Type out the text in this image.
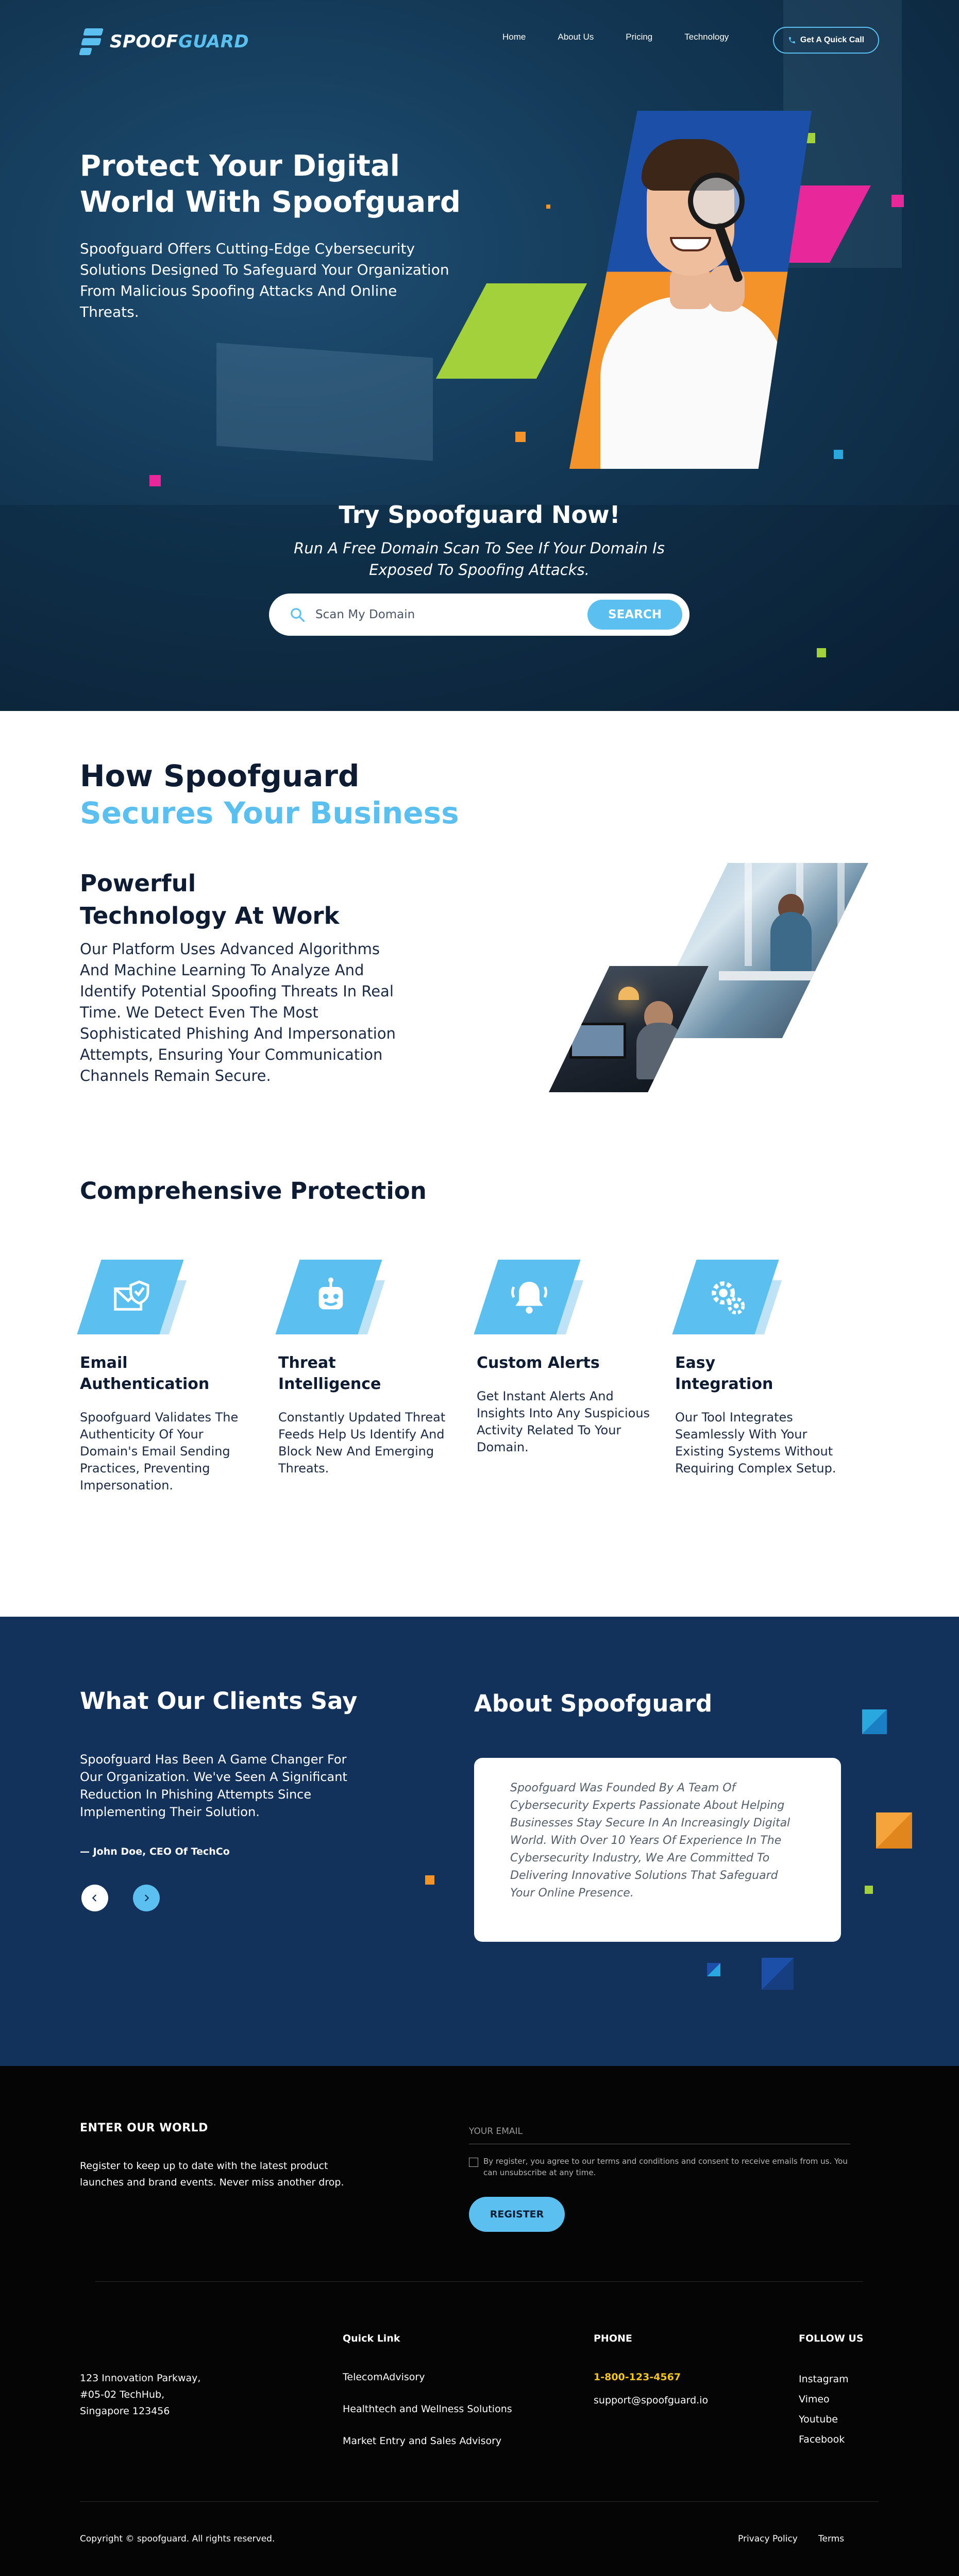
SPOOFGUARD	Home	About Us	Pricing	Technology	Get A Quick Call
Protect Your Digital World With Spoofguard

Spoofguard Offers Cutting-Edge Cybersecurity Solutions Designed To Safeguard Your Organization From Malicious Spoofing Attacks And Online Threats.

Try Spoofguard Now!
Run A Free Domain Scan To See If Your Domain Is Exposed To Spoofing Attacks.
Scan My Domain
SEARCH
How Spoofguard
Secures Your Business
Powerful Technology At Work

Our Platform Uses Advanced Algorithms And Machine Learning To Analyze And Identify Potential Spoofing Threats In Real Time. We Detect Even The Most Sophisticated Phishing And Impersonation Attempts, Ensuring Your Communication Channels Remain Secure.

Comprehensive Protection
Email Authentication
Spoofguard Validates The Authenticity Of Your Domain's Email Sending Practices, Preventing Impersonation.
Threat Intelligence
Constantly Updated Threat Feeds Help Us Identify And Block New And Emerging Threats.
Custom Alerts
Get Instant Alerts And Insights Into Any Suspicious Activity Related To Your Domain.
Easy Integration
Our Tool Integrates Seamlessly With Your Existing Systems Without Requiring Complex Setup.
What Our Clients Say

Spoofguard Has Been A Game Changer For Our Organization. We've Seen A Significant Reduction In Phishing Attempts Since Implementing Their Solution.

— John Doe, CEO Of TechCo
About Spoofguard

Spoofguard Was Founded By A Team Of Cybersecurity Experts Passionate About Helping Businesses Stay Secure In An Increasingly Digital World. With Over 10 Years Of Experience In The Cybersecurity Industry, We Are Committed To Delivering Innovative Solutions That Safeguard Your Online Presence.

ENTER OUR WORLD

Register to keep up to date with the latest product launches and brand events. Never miss another drop.

YOUR EMAIL
By register, you agree to our terms and conditions and consent to receive emails from us. You can unsubscribe at any time.
REGISTER
123 Innovation Parkway,
#05-02 TechHub,
Singapore 123456
Quick Link
TelecomAdvisory
Healthtech and Wellness Solutions
Market Entry and Sales Advisory
PHONE
1-800-123-4567
support@spoofguard.io
FOLLOW US
Instagram
Vimeo
Youtube
Facebook
Copyright © spoofguard. All rights reserved.	Privacy Policy Terms
